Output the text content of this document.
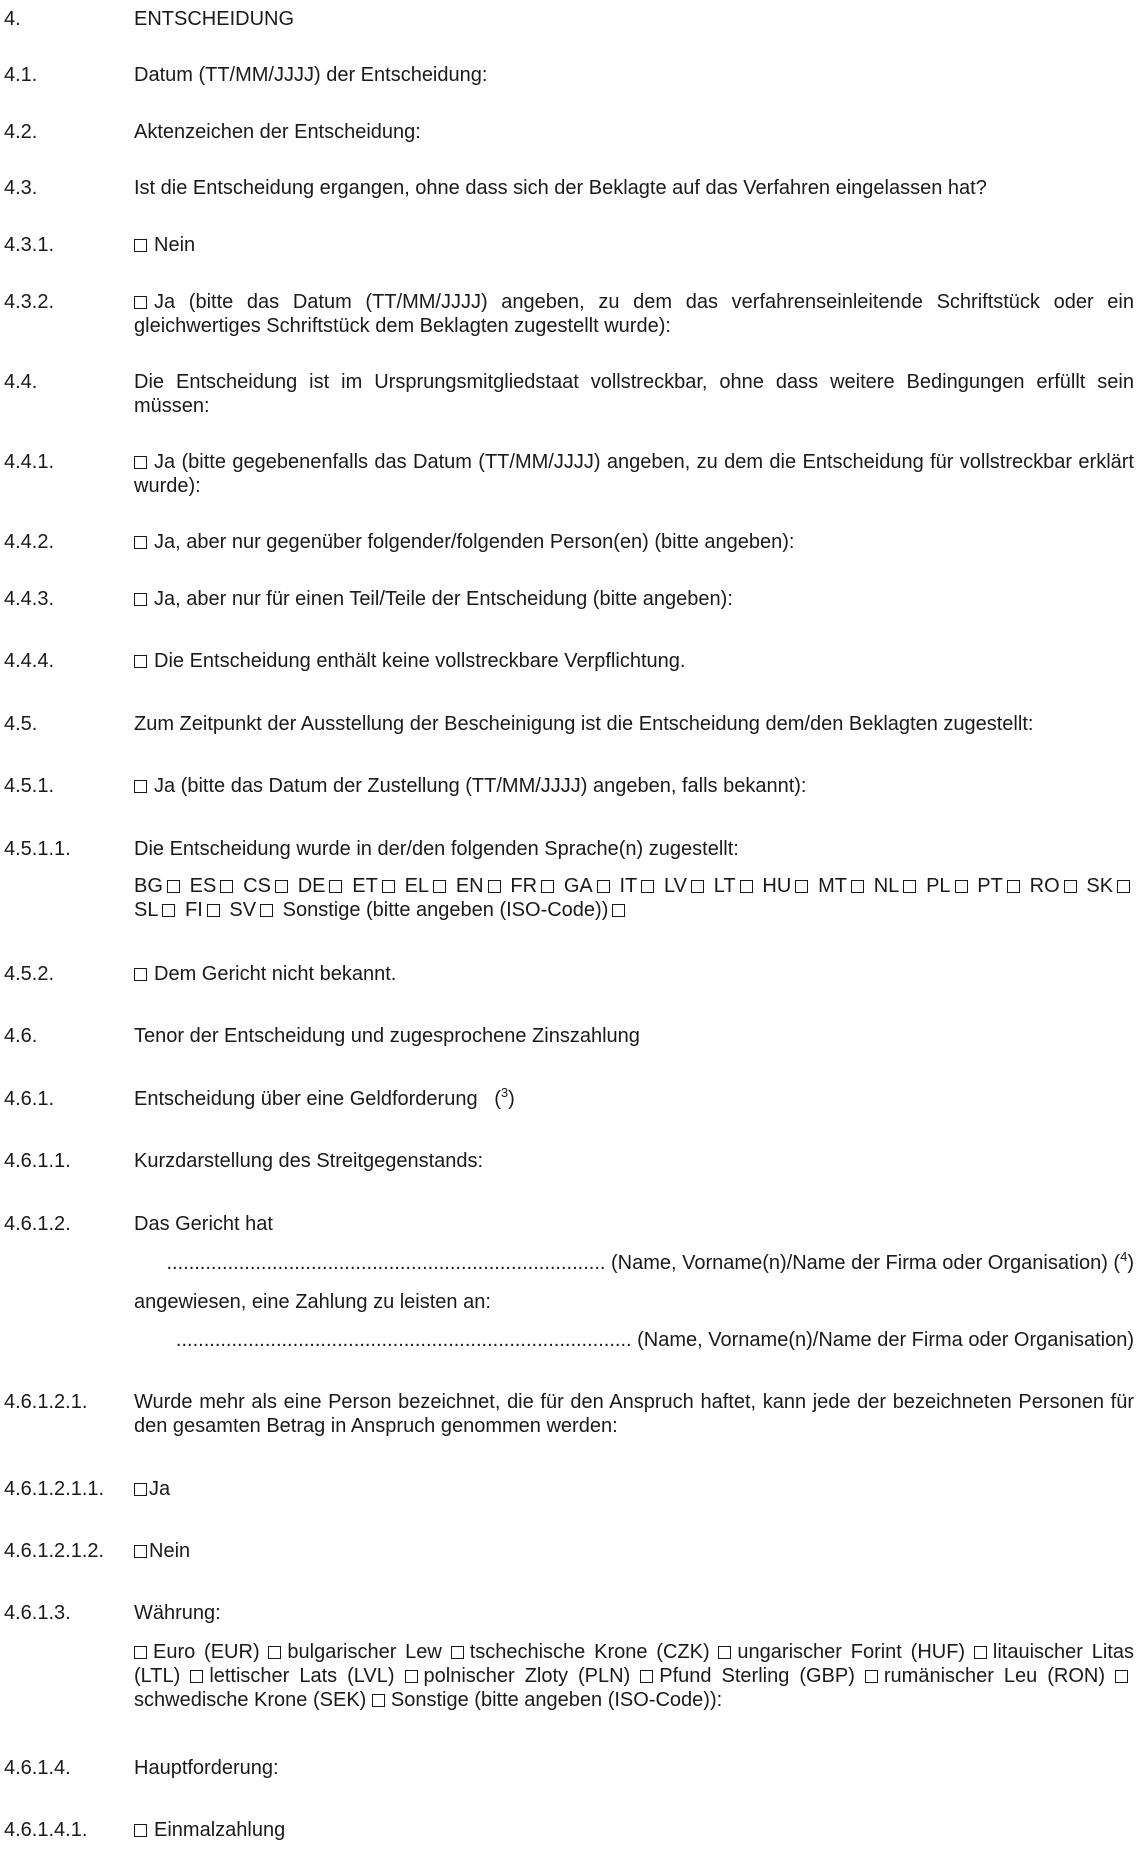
4.	ENTSCHEIDUNG
4.1.	Datum (TT/MM/JJJJ) der Entscheidung:
4.2.	Aktenzeichen der Entscheidung:
4.3.	Ist die Entscheidung ergangen, ohne dass sich der Beklagte auf das Verfahren eingelassen hat?
4.3.1.	Nein
4.3.2.	Ja (bitte das Datum (TT/MM/JJJJ) angeben, zu dem das verfahrenseinleitende Schriftstück oder ein gleichwertiges Schriftstück dem Beklagten zugestellt wurde):
4.4.	Die Entscheidung ist im Ursprungsmitgliedstaat vollstreckbar, ohne dass weitere Bedingungen erfüllt sein müssen:
4.4.1.	Ja (bitte gegebenenfalls das Datum (TT/MM/JJJJ) angeben, zu dem die Entscheidung für vollstreckbar erklärt wurde):
4.4.2.	Ja, aber nur gegenüber folgender/folgenden Person(en) (bitte angeben):
4.4.3.	Ja, aber nur für einen Teil/Teile der Entscheidung (bitte angeben):
4.4.4.	Die Entscheidung enthält keine vollstreckbare Verpflichtung.
4.5.	Zum Zeitpunkt der Ausstellung der Bescheinigung ist die Entscheidung dem/den Beklagten zugestellt:
4.5.1.	Ja (bitte das Datum der Zustellung (TT/MM/JJJJ) angeben, falls bekannt):
4.5.1.1.	Die Entscheidung wurde in der/den folgenden Sprache(n) zugestellt:
BG ES CS DE ET EL EN FR GA IT LV LT HU MT NL PL PT RO SK SL FI SV Sonstige (bitte angeben (ISO-Code))
4.5.2.	Dem Gericht nicht bekannt.
4.6.	Tenor der Entscheidung und zugesprochene Zinszahlung
4.6.1.	Entscheidung über eine Geldforderung   ($^3$)
4.6.1.1.	Kurzdarstellung des Streitgegenstands:
4.6.1.2.	Das Gericht hat
............................................................................... (Name, Vorname(n)/Name der Firma oder Organisation) ($^4$)
angewiesen, eine Zahlung zu leisten an:
.................................................................................. (Name, Vorname(n)/Name der Firma oder Organisation)
4.6.1.2.1. Wurde mehr als eine Person bezeichnet, die für den Anspruch haftet, kann jede der bezeichneten Personen für den gesamten Betrag in Anspruch genommen werden:
4.6.1.2.1.1.	Ja
4.6.1.2.1.2.	Nein
4.6.1.3.	Währung:
Euro (EUR) bulgarischer Lew tschechische Krone (CZK) ungarischer Forint (HUF) litauischer Litas (LTL) lettischer Lats (LVL) polnischer Zloty (PLN) Pfund Sterling (GBP) rumänischer Leu (RON) schwedische Krone (SEK) Sonstige (bitte angeben (ISO-Code)):
4.6.1.4.	Hauptforderung:
4.6.1.4.1.	Einmalzahlung
